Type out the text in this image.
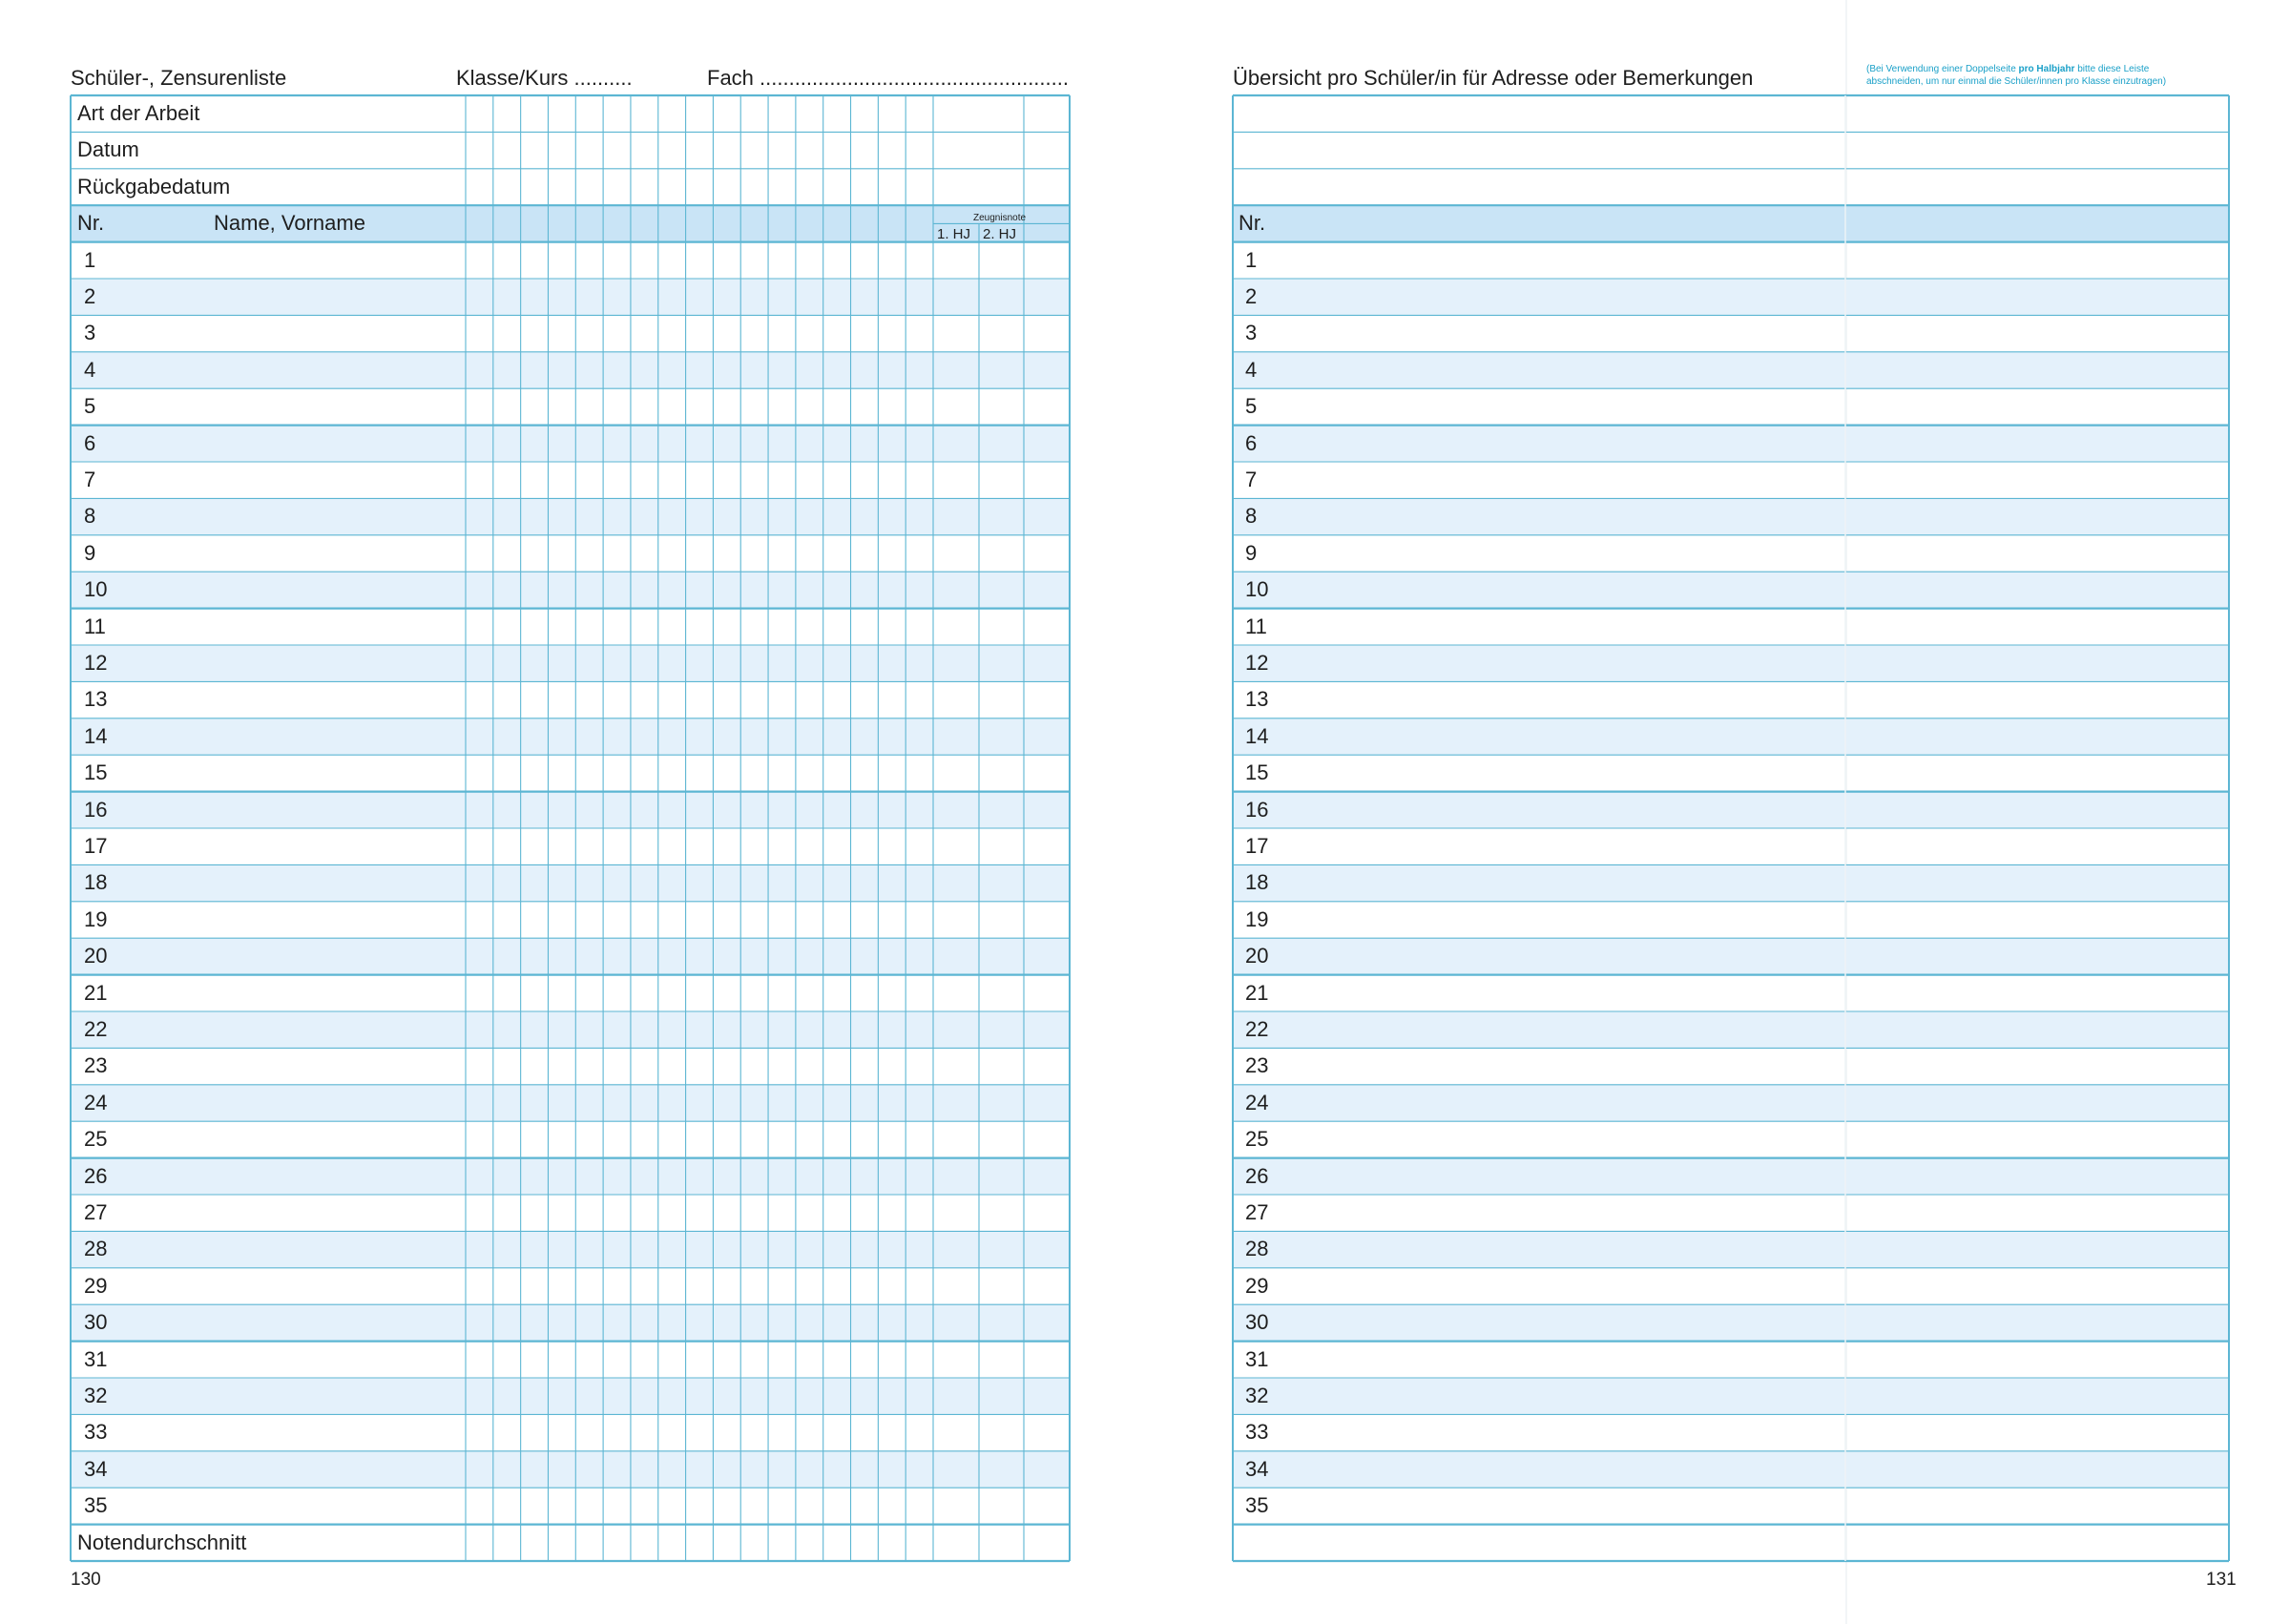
Schüler-, Zensurenliste	Klasse/Kurs ..........	Fach .....................................................	Übersicht pro Schüler/in für Adresse oder Bemerkungen	(Bei Verwendung einer Doppelseite pro Halbjahr bitte diese Leiste
abschneiden, um nur einmal die Schüler/innen pro Klasse einzutragen)
Art der Arbeit
Datum
Rückgabedatum
Nr.	Name, Vorname	Zeugnisnote
1. HJ 2. HJ
1
2
3
4
5
6
7
8
9
10
11
12
13
14
15
16
17
18
19
20
21
22
23
24
25
26
27
28
29
30
31
32
33
34
35
Notendurchschnitt
Nr.
1
2
3
4
5
6
7
8
9
10
11
12
13
14
15
16
17
18
19
20
21
22
23
24
25
26
27
28
29
30
31
32
33
34
35
130	131
